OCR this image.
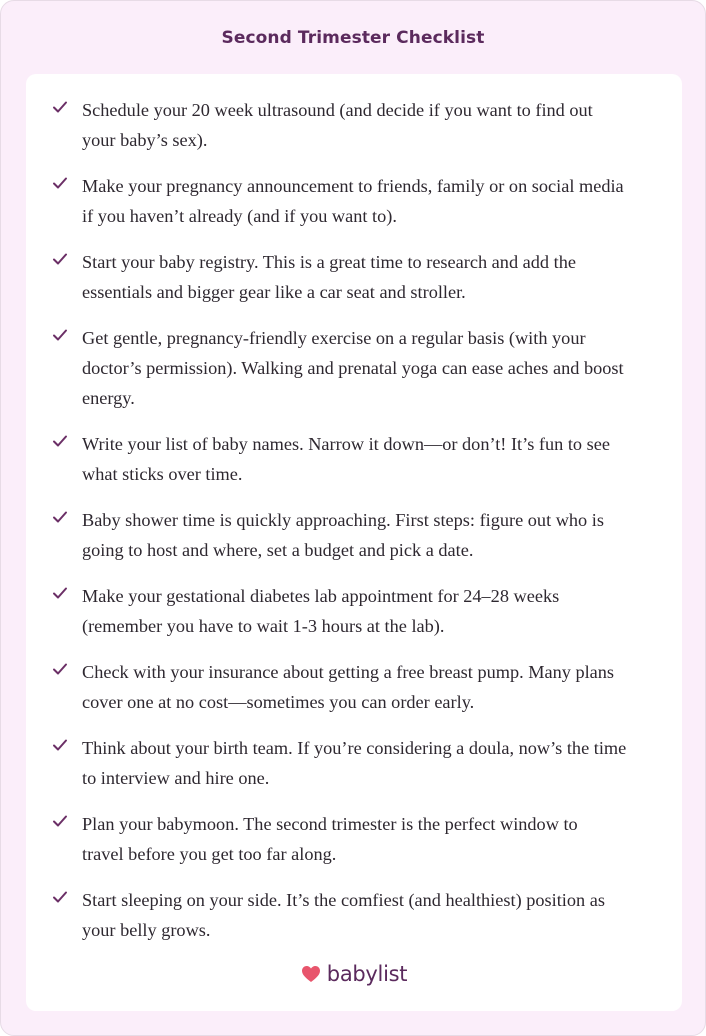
Second Trimester Checklist
Schedule your 20 week ultrasound (and decide if you want to find out
your baby’s sex).
Make your pregnancy announcement to friends, family or on social media
if you haven’t already (and if you want to).
Start your baby registry. This is a great time to research and add the
essentials and bigger gear like a car seat and stroller.
Get gentle, pregnancy-friendly exercise on a regular basis (with your
doctor’s permission). Walking and prenatal yoga can ease aches and boost
energy.
Write your list of baby names. Narrow it down—or don’t! It’s fun to see
what sticks over time.
Baby shower time is quickly approaching. First steps: figure out who is
going to host and where, set a budget and pick a date.
Make your gestational diabetes lab appointment for 24–28 weeks
(remember you have to wait 1-3 hours at the lab).
Check with your insurance about getting a free breast pump. Many plans
cover one at no cost—sometimes you can order early.
Think about your birth team. If you’re considering a doula, now’s the time
to interview and hire one.
Plan your babymoon. The second trimester is the perfect window to
travel before you get too far along.
Start sleeping on your side. It’s the comfiest (and healthiest) position as
your belly grows.
babylist
